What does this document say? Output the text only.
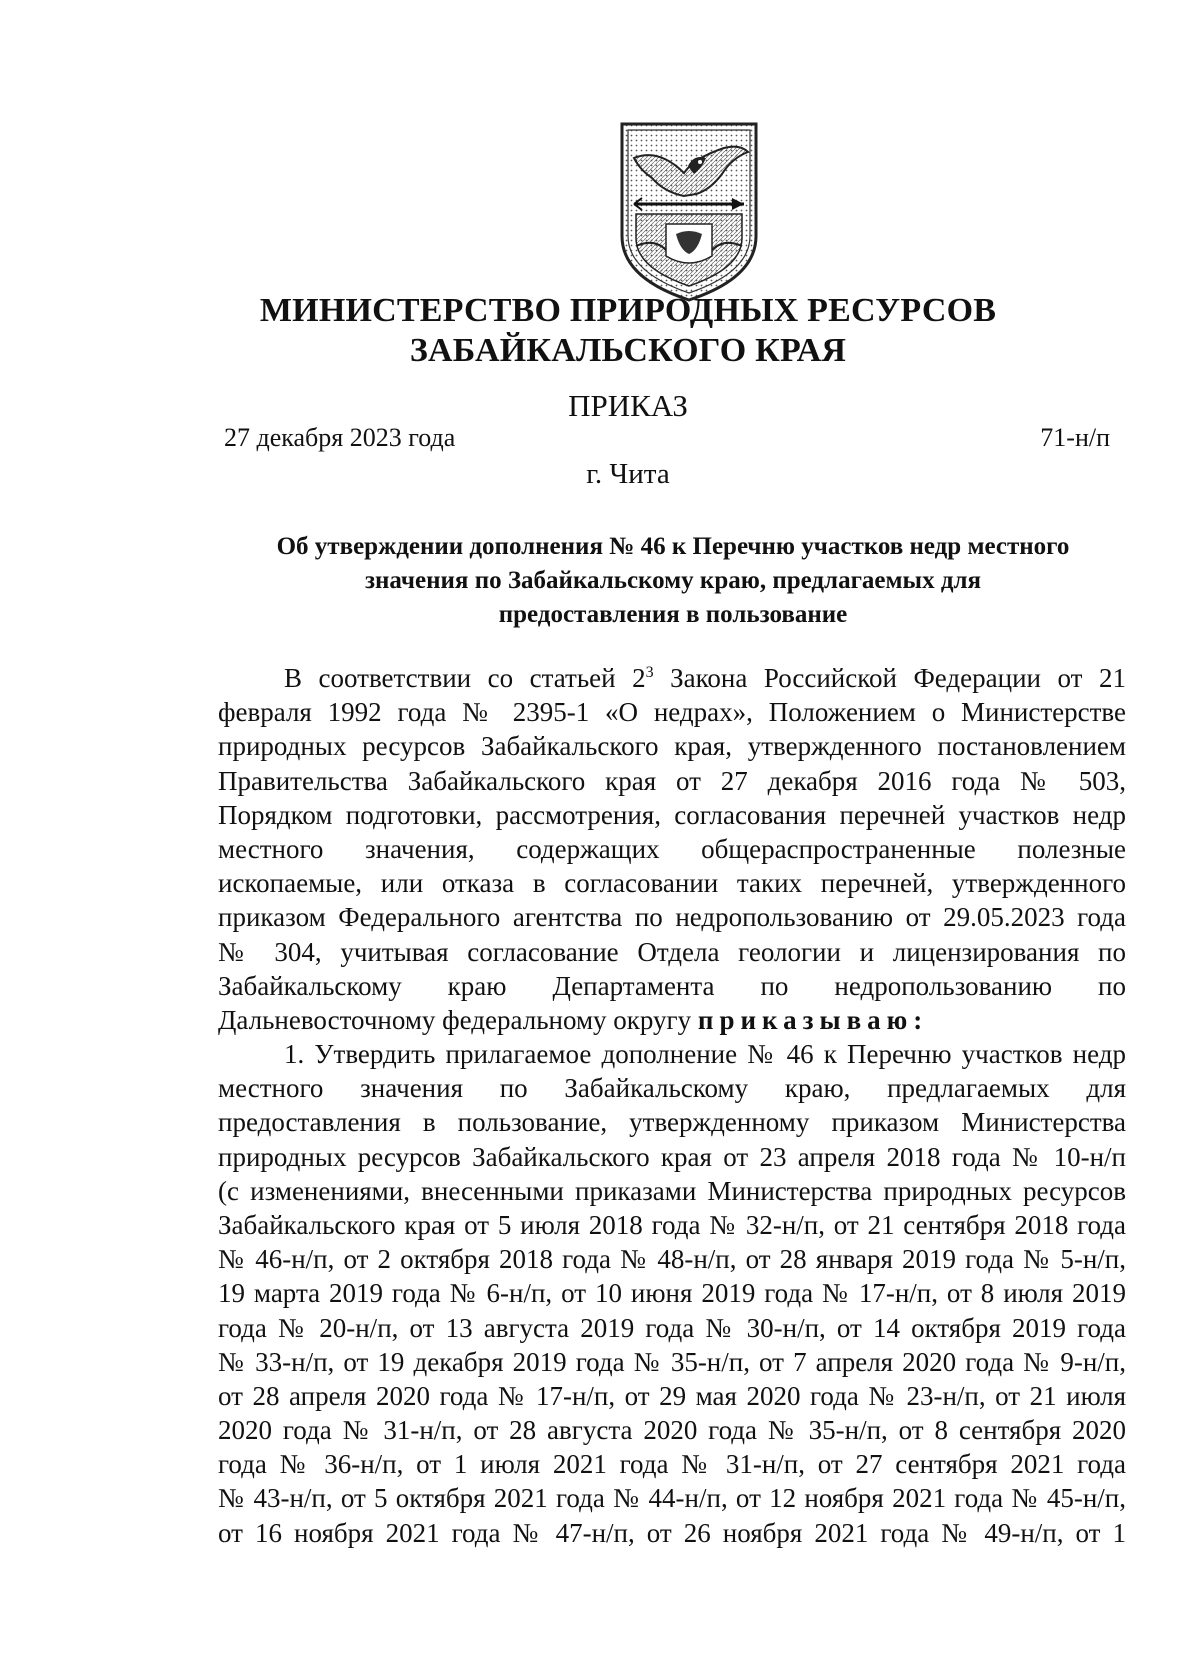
МИНИСТЕРСТВО ПРИРОДНЫХ РЕСУРСОВ
ЗАБАЙКАЛЬСКОГО КРАЯ
ПРИКАЗ
27 декабря 2023 года	71-н/п
г. Чита
Об утверждении дополнения № 46 к Перечню участков недр местного
значения по Забайкальскому краю, предлагаемых для
предоставления в пользование
В соответствии со статьей $2^3$ Закона Российской Федерации от 21
февраля 1992 года № 2395-1 «О недрах», Положением о Министерстве
природных ресурсов Забайкальского края, утвержденного постановлением
Правительства Забайкальского края от 27 декабря 2016 года № 503,
Порядком подготовки, рассмотрения, согласования перечней участков недр
местного значения, содержащих общераспространенные полезные
ископаемые, или отказа в согласовании таких перечней, утвержденного
приказом Федерального агентства по недропользованию от 29.05.2023 года
№ 304, учитывая согласование Отдела геологии и лицензирования по
Забайкальскому краю Департамента по недропользованию по
Дальневосточному федеральному округу приказываю:
1. Утвердить прилагаемое дополнение № 46 к Перечню участков недр
местного значения по Забайкальскому краю, предлагаемых для
предоставления в пользование, утвержденному приказом Министерства
природных ресурсов Забайкальского края от 23 апреля 2018 года № 10-н/п
(с изменениями, внесенными приказами Министерства природных ресурсов
Забайкальского края от 5 июля 2018 года № 32-н/п, от 21 сентября 2018 года
№ 46-н/п, от 2 октября 2018 года № 48-н/п, от 28 января 2019 года № 5-н/п,
19 марта 2019 года № 6-н/п, от 10 июня 2019 года № 17-н/п, от 8 июля 2019
года № 20-н/п, от 13 августа 2019 года № 30-н/п, от 14 октября 2019 года
№ 33-н/п, от 19 декабря 2019 года № 35-н/п, от 7 апреля 2020 года № 9-н/п,
от 28 апреля 2020 года № 17-н/п, от 29 мая 2020 года № 23-н/п, от 21 июля
2020 года № 31-н/п, от 28 августа 2020 года № 35-н/п, от 8 сентября 2020
года № 36-н/п, от 1 июля 2021 года № 31-н/п, от 27 сентября 2021 года
№ 43-н/п, от 5 октября 2021 года № 44-н/п, от 12 ноября 2021 года № 45-н/п,
от 16 ноября 2021 года № 47-н/п, от 26 ноября 2021 года № 49-н/п, от 1
